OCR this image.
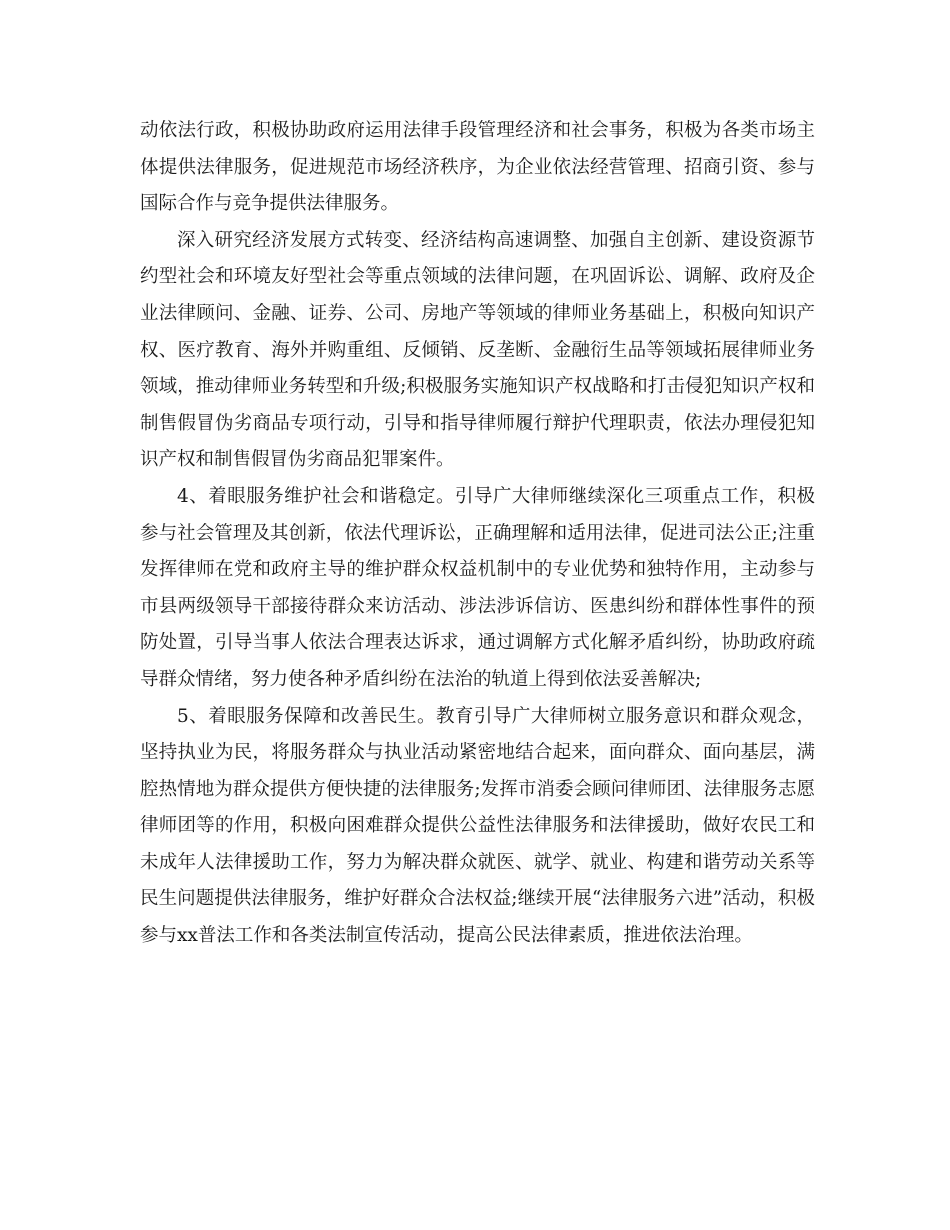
动依法行政，积极协助政府运用法律手段管理经济和社会事务，积极为各类市场主体提供法律服务，促进规范市场经济秩序，为企业依法经营管理、招商引资、参与国际合作与竞争提供法律服务。

深入研究经济发展方式转变、经济结构高速调整、加强自主创新、建设资源节约型社会和环境友好型社会等重点领域的法律问题，在巩固诉讼、调解、政府及企业法律顾问、金融、证券、公司、房地产等领域的律师业务基础上，积极向知识产权、医疗教育、海外并购重组、反倾销、反垄断、金融衍生品等领域拓展律师业务领域，推动律师业务转型和升级;积极服务实施知识产权战略和打击侵犯知识产权和制售假冒伪劣商品专项行动，引导和指导律师履行辩护代理职责，依法办理侵犯知识产权和制售假冒伪劣商品犯罪案件。

4、着眼服务维护社会和谐稳定。引导广大律师继续深化三项重点工作，积极参与社会管理及其创新，依法代理诉讼，正确理解和适用法律，促进司法公正;注重发挥律师在党和政府主导的维护群众权益机制中的专业优势和独特作用，主动参与市县两级领导干部接待群众来访活动、涉法涉诉信访、医患纠纷和群体性事件的预防处置，引导当事人依法合理表达诉求，通过调解方式化解矛盾纠纷，协助政府疏导群众情绪，努力使各种矛盾纠纷在法治的轨道上得到依法妥善解决;

5、着眼服务保障和改善民生。教育引导广大律师树立服务意识和群众观念，坚持执业为民，将服务群众与执业活动紧密地结合起来，面向群众、面向基层，满腔热情地为群众提供方便快捷的法律服务;发挥市消委会顾问律师团、法律服务志愿律师团等的作用，积极向困难群众提供公益性法律服务和法律援助，做好农民工和未成年人法律援助工作，努力为解决群众就医、就学、就业、构建和谐劳动关系等民生问题提供法律服务，维护好群众合法权益;继续开展“法律服务六进”活动，积极参与xx普法工作和各类法制宣传活动，提高公民法律素质，推进依法治理。
